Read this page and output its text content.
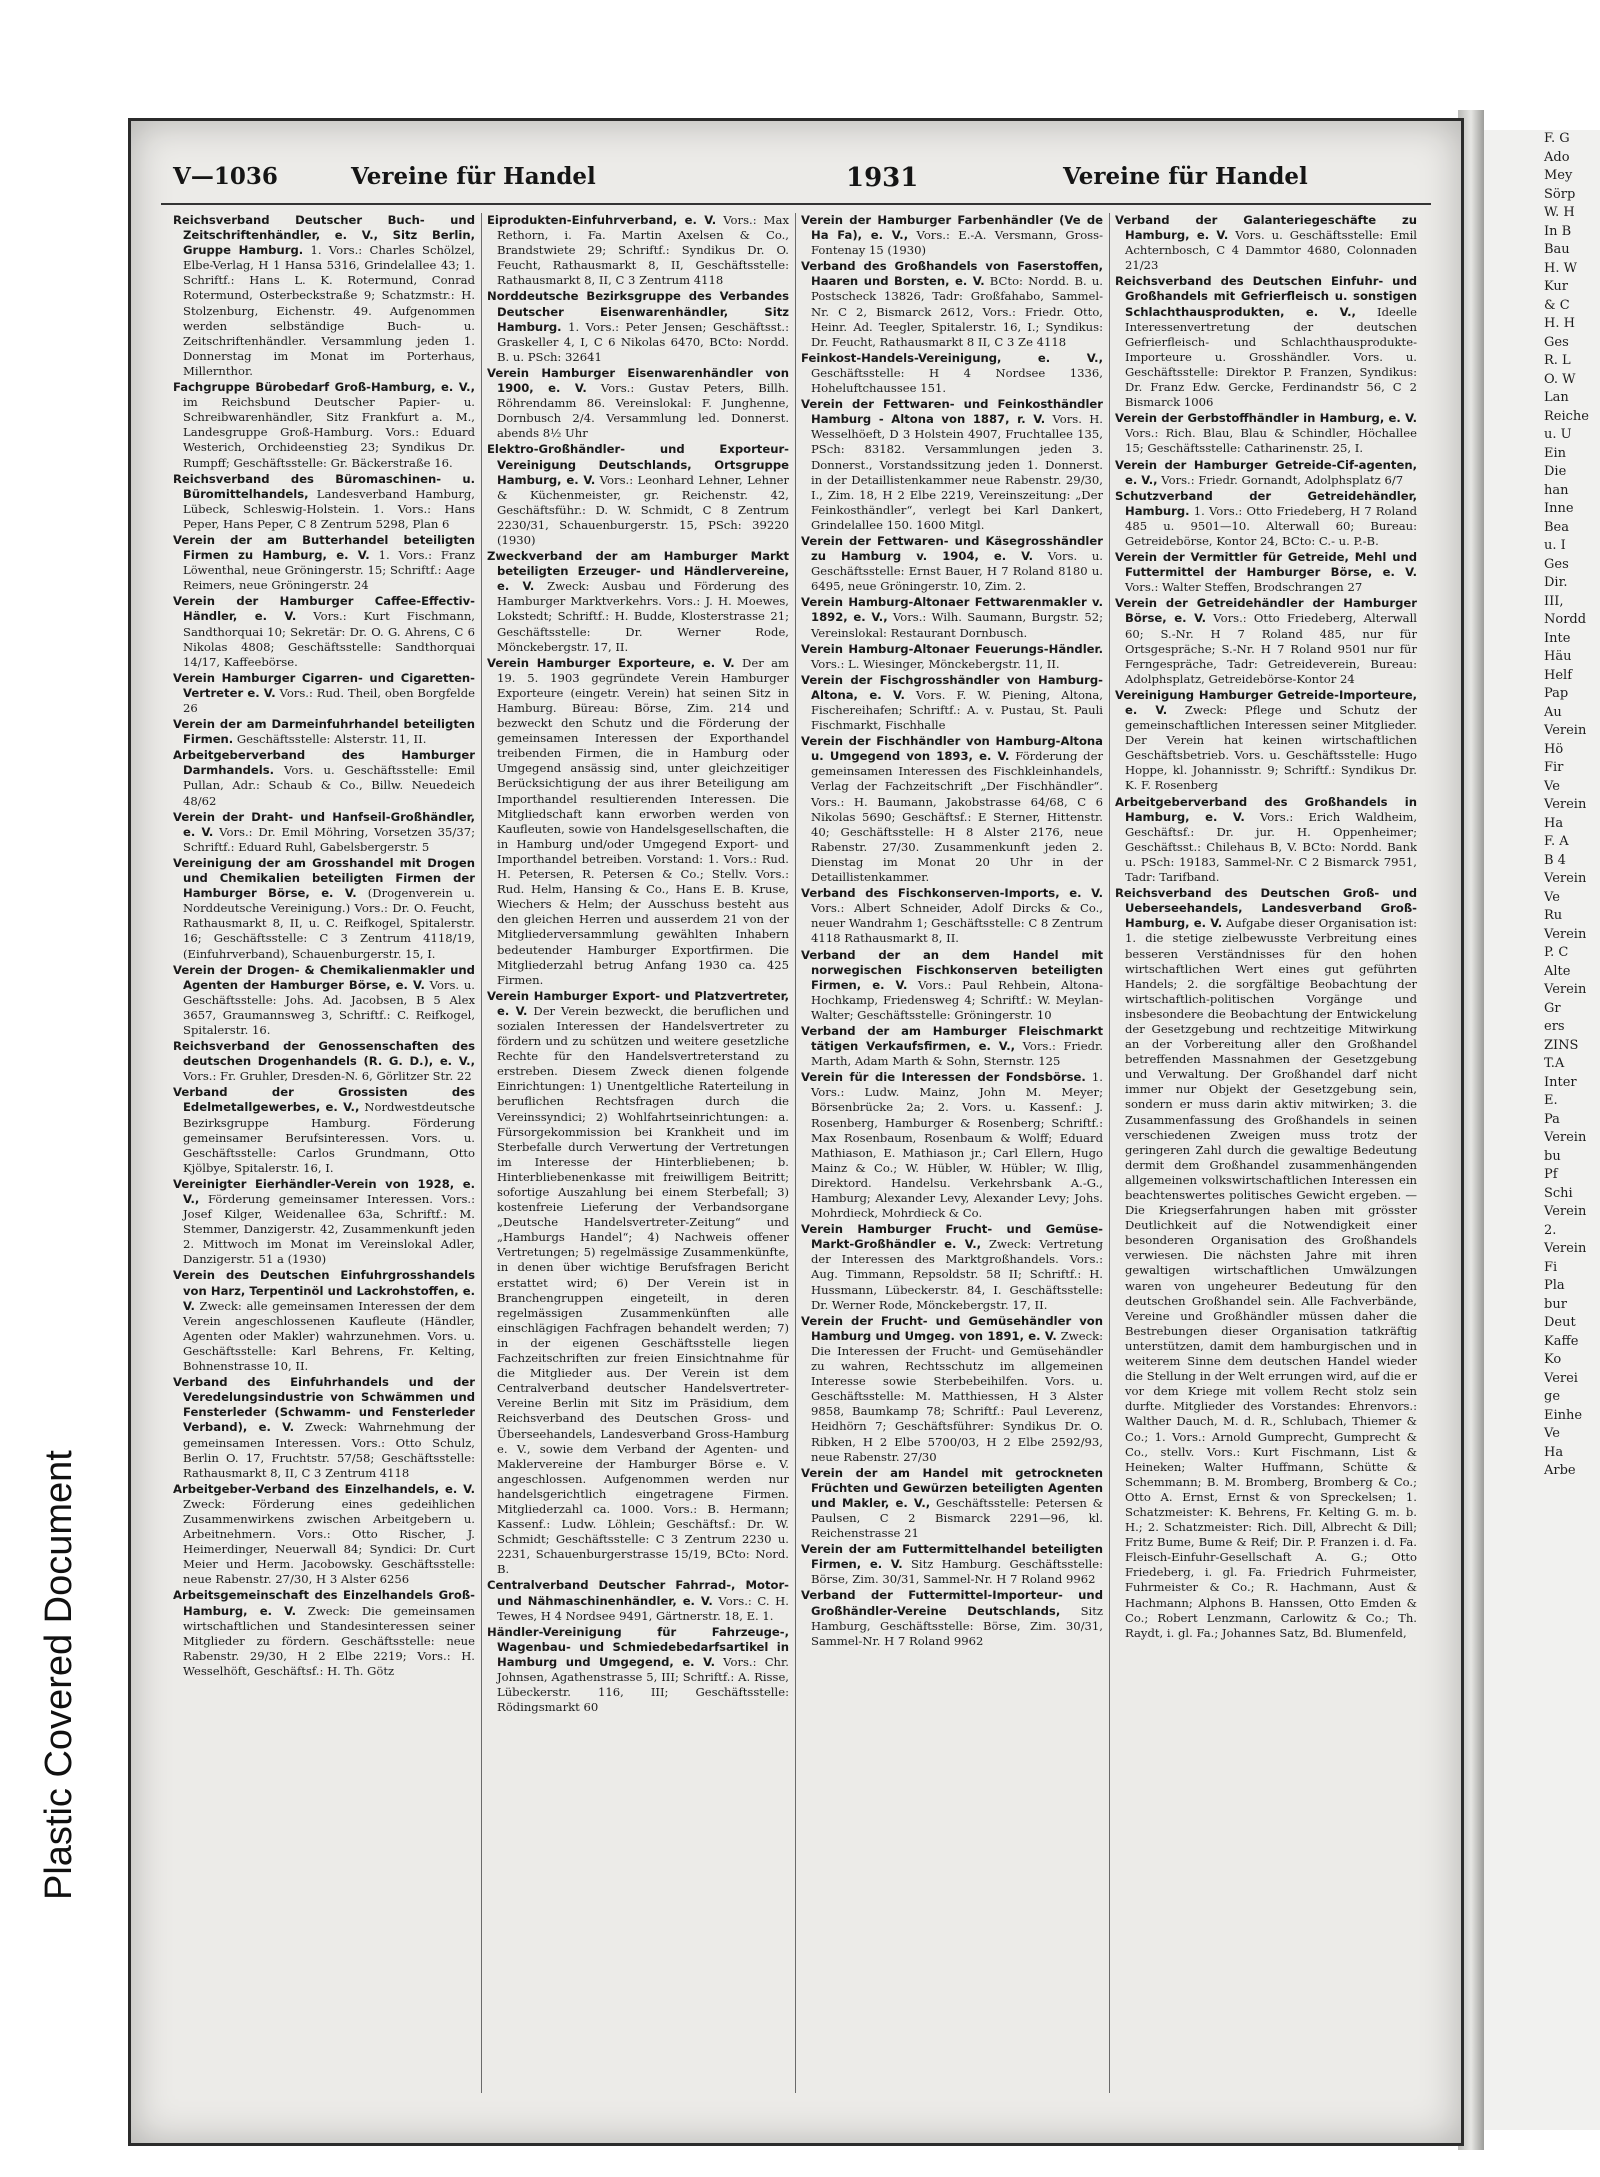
Plastic Covered Document
F. G
Ado
Mey
Sörp
W. H
In B
Bau
H. W
Kur
& C
H. H
Ges
R. L
O. W
Lan
Reiche
u. U
Ein
Die
han
Inne
Bea
u. I
Ges
Dir.
III,
Nordd
Inte
Häu
Helf
Pap
Au
Verein
Hö
Fir
Ve
Verein
Ha
F. A
B 4
Verein
Ve
Ru
Verein
P. C
Alte
Verein
Gr
ers
ZINS
T.A
Inter
E.
Pa
Verein
bu
Pf
Schi
Verein
2.
Verein
Fi
Pla
bur
Deut
Kaffe
Ko
Verei
ge
Einhe
Ve
Ha
Arbe
V—1036	Vereine für Handel	1931	Vereine für Handel

Reichsverband Deutscher Buch- und Zeitschriftenhändler, e. V., Sitz Berlin, Gruppe Hamburg. 1. Vors.: Charles Schölzel, Elbe-Verlag, H 1 Hansa 5316, Grindelallee 43; 1. Schriftf.: Hans L. K. Rotermund, Conrad Rotermund, Osterbeckstraße 9; Schatzmstr.: H. Stolzenburg, Eichenstr. 49. Aufgenommen werden selbständige Buch- u. Zeitschriftenhändler. Versammlung jeden 1. Donnerstag im Monat im Porterhaus, Millernthor.

Fachgruppe Bürobedarf Groß-Hamburg, e. V., im Reichsbund Deutscher Papier- u. Schreibwarenhändler, Sitz Frankfurt a. M., Landesgruppe Groß-Hamburg. Vors.: Eduard Westerich, Orchideenstieg 23; Syndikus Dr. Rumpff; Geschäftsstelle: Gr. Bäckerstraße 16.

Reichsverband des Büromaschinen- u. Büromittelhandels, Landesverband Hamburg, Lübeck, Schleswig-Holstein. 1. Vors.: Hans Peper, Hans Peper, C 8 Zentrum 5298, Plan 6

Verein der am Butterhandel beteiligten Firmen zu Hamburg, e. V. 1. Vors.: Franz Löwenthal, neue Gröningerstr. 15; Schriftf.: Aage Reimers, neue Gröningerstr. 24

Verein der Hamburger Caffee-Effectiv-Händler, e. V. Vors.: Kurt Fischmann, Sandthorquai 10; Sekretär: Dr. O. G. Ahrens, C 6 Nikolas 4808; Geschäftsstelle: Sandthorquai 14/17, Kaffeebörse.

Verein Hamburger Cigarren- und Cigaretten-Vertreter e. V. Vors.: Rud. Theil, oben Borgfelde 26

Verein der am Darmeinfuhrhandel beteiligten Firmen. Geschäftsstelle: Alsterstr. 11, II.

Arbeitgeberverband des Hamburger Darmhandels. Vors. u. Geschäftsstelle: Emil Pullan, Adr.: Schaub & Co., Billw. Neuedeich 48/62

Verein der Draht- und Hanfseil-Großhändler, e. V. Vors.: Dr. Emil Möhring, Vorsetzen 35/37; Schriftf.: Eduard Ruhl, Gabelsbergerstr. 5

Vereinigung der am Grosshandel mit Drogen und Chemikalien beteiligten Firmen der Hamburger Börse, e. V. (Drogenverein u. Norddeutsche Vereinigung.) Vors.: Dr. O. Feucht, Rathausmarkt 8, II, u. C. Reifkogel, Spitalerstr. 16; Geschäftsstelle: C 3 Zentrum 4118/19, (Einfuhrverband), Schauenburgerstr. 15, I.

Verein der Drogen- & Chemikalienmakler und Agenten der Hamburger Börse, e. V. Vors. u. Geschäftsstelle: Johs. Ad. Jacobsen, B 5 Alex 3657, Graumannsweg 3, Schriftf.: C. Reifkogel, Spitalerstr. 16.

Reichsverband der Genossenschaften des deutschen Drogenhandels (R. G. D.), e. V., Vors.: Fr. Gruhler, Dresden-N. 6, Görlitzer Str. 22

Verband der Grossisten des Edelmetallgewerbes, e. V., Nordwestdeutsche Bezirksgruppe Hamburg. Förderung gemeinsamer Berufsinteressen. Vors. u. Geschäftsstelle: Carlos Grundmann, Otto Kjölbye, Spitalerstr. 16, I.

Vereinigter Eierhändler-Verein von 1928, e. V., Förderung gemeinsamer Interessen. Vors.: Josef Kilger, Weidenallee 63a, Schriftf.: M. Stemmer, Danzigerstr. 42, Zusammenkunft jeden 2. Mittwoch im Monat im Vereinslokal Adler, Danzigerstr. 51 a (1930)

Verein des Deutschen Einfuhrgrosshandels von Harz, Terpentinöl und Lackrohstoffen, e. V. Zweck: alle gemeinsamen Interessen der dem Verein angeschlossenen Kaufleute (Händler, Agenten oder Makler) wahrzunehmen. Vors. u. Geschäftsstelle: Karl Behrens, Fr. Kelting, Bohnenstrasse 10, II.

Verband des Einfuhrhandels und der Veredelungsindustrie von Schwämmen und Fensterleder (Schwamm- und Fensterleder Verband), e. V. Zweck: Wahrnehmung der gemeinsamen Interessen. Vors.: Otto Schulz, Berlin O. 17, Fruchtstr. 57/58; Geschäftsstelle: Rathausmarkt 8, II, C 3 Zentrum 4118

Arbeitgeber-Verband des Einzelhandels, e. V. Zweck: Förderung eines gedeihlichen Zusammenwirkens zwischen Arbeitgebern u. Arbeitnehmern. Vors.: Otto Rischer, J. Heimerdinger, Neuerwall 84; Syndici: Dr. Curt Meier und Herm. Jacobowsky. Geschäftsstelle: neue Rabenstr. 27/30, H 3 Alster 6256

Arbeitsgemeinschaft des Einzelhandels Groß-Hamburg, e. V. Zweck: Die gemeinsamen wirtschaftlichen und Standesinteressen seiner Mitglieder zu fördern. Geschäftsstelle: neue Rabenstr. 29/30, H 2 Elbe 2219; Vors.: H. Wesselhöft, Geschäftsf.: H. Th. Götz

Eiprodukten-Einfuhrverband, e. V. Vors.: Max Rethorn, i. Fa. Martin Axelsen & Co., Brandstwiete 29; Schriftf.: Syndikus Dr. O. Feucht, Rathausmarkt 8, II, Geschäftsstelle: Rathausmarkt 8, II, C 3 Zentrum 4118

Norddeutsche Bezirksgruppe des Verbandes Deutscher Eisenwarenhändler, Sitz Hamburg. 1. Vors.: Peter Jensen; Geschäftsst.: Graskeller 4, I, C 6 Nikolas 6470, BCto: Nordd. B. u. PSch: 32641

Verein Hamburger Eisenwarenhändler von 1900, e. V. Vors.: Gustav Peters, Billh. Röhrendamm 86. Vereinslokal: F. Junghenne, Dornbusch 2/4. Versammlung led. Donnerst. abends 8½ Uhr

Elektro-Großhändler- und Exporteur-Vereinigung Deutschlands, Ortsgruppe Hamburg, e. V. Vors.: Leonhard Lehner, Lehner & Küchenmeister, gr. Reichenstr. 42, Geschäftsführ.: D. W. Schmidt, C 8 Zentrum 2230/31, Schauenburgerstr. 15, PSch: 39220 (1930)

Zweckverband der am Hamburger Markt beteiligten Erzeuger- und Händlervereine, e. V. Zweck: Ausbau und Förderung des Hamburger Marktverkehrs. Vors.: J. H. Moewes, Lokstedt; Schriftf.: H. Budde, Klosterstrasse 21; Geschäftsstelle: Dr. Werner Rode, Mönckebergstr. 17, II.

Verein Hamburger Exporteure, e. V. Der am 19. 5. 1903 gegründete Verein Hamburger Exporteure (eingetr. Verein) hat seinen Sitz in Hamburg. Büreau: Börse, Zim. 214 und bezweckt den Schutz und die Förderung der gemeinsamen Interessen der Exporthandel treibenden Firmen, die in Hamburg oder Umgegend ansässig sind, unter gleichzeitiger Berücksichtigung der aus ihrer Beteiligung am Importhandel resultierenden Interessen. Die Mitgliedschaft kann erworben werden von Kaufleuten, sowie von Handelsgesellschaften, die in Hamburg und/oder Umgegend Export- und Importhandel betreiben. Vorstand: 1. Vors.: Rud. H. Petersen, R. Petersen & Co.; Stellv. Vors.: Rud. Helm, Hansing & Co., Hans E. B. Kruse, Wiechers & Helm; der Ausschuss besteht aus den gleichen Herren und ausserdem 21 von der Mitgliederversammlung gewählten Inhabern bedeutender Hamburger Exportfirmen. Die Mitgliederzahl betrug Anfang 1930 ca. 425 Firmen.

Verein Hamburger Export- und Platzvertreter, e. V. Der Verein bezweckt, die beruflichen und sozialen Interessen der Handelsvertreter zu fördern und zu schützen und weitere gesetzliche Rechte für den Handelsvertreterstand zu erstreben. Diesem Zweck dienen folgende Einrichtungen: 1) Unentgeltliche Raterteilung in beruflichen Rechtsfragen durch die Vereinssyndici; 2) Wohlfahrtseinrichtungen: a. Fürsorgekommission bei Krankheit und im Sterbefalle durch Verwertung der Vertretungen im Interesse der Hinterbliebenen; b. Hinterbliebenenkasse mit freiwilligem Beitritt; sofortige Auszahlung bei einem Sterbefall; 3) kostenfreie Lieferung der Verbandsorgane „Deutsche Handelsvertreter-Zeitung“ und „Hamburgs Handel“; 4) Nachweis offener Vertretungen; 5) regelmässige Zusammenkünfte, in denen über wichtige Berufsfragen Bericht erstattet wird; 6) Der Verein ist in Branchengruppen eingeteilt, in deren regelmässigen Zusammenkünften alle einschlägigen Fachfragen behandelt werden; 7) in der eigenen Geschäftsstelle liegen Fachzeitschriften zur freien Einsichtnahme für die Mitglieder aus. Der Verein ist dem Centralverband deutscher Handelsvertreter-Vereine Berlin mit Sitz im Präsidium, dem Reichsverband des Deutschen Gross- und Überseehandels, Landesverband Gross-Hamburg e. V., sowie dem Verband der Agenten- und Maklervereine der Hamburger Börse e. V. angeschlossen. Aufgenommen werden nur handelsgerichtlich eingetragene Firmen. Mitgliederzahl ca. 1000. Vors.: B. Hermann; Kassenf.: Ludw. Löhlein; Geschäftsf.: Dr. W. Schmidt; Geschäftsstelle: C 3 Zentrum 2230 u. 2231, Schauenburgerstrasse 15/19, BCto: Nord. B.

Centralverband Deutscher Fahrrad-, Motor- und Nähmaschinenhändler, e. V. Vors.: C. H. Tewes, H 4 Nordsee 9491, Gärtnerstr. 18, E. 1.

Händler-Vereinigung für Fahrzeuge-, Wagenbau- und Schmiedebedarfsartikel in Hamburg und Umgegend, e. V. Vors.: Chr. Johnsen, Agathenstrasse 5, III; Schriftf.: A. Risse, Lübeckerstr. 116, III; Geschäftsstelle: Rödingsmarkt 60

Verein der Hamburger Farbenhändler (Ve de Ha Fa), e. V., Vors.: E.-A. Versmann, Gross-Fontenay 15 (1930)

Verband des Großhandels von Faserstoffen, Haaren und Borsten, e. V. BCto: Nordd. B. u. Postscheck 13826, Tadr: Großfahabo, Sammel-Nr. C 2, Bismarck 2612, Vors.: Friedr. Otto, Heinr. Ad. Teegler, Spitalerstr. 16, I.; Syndikus: Dr. Feucht, Rathausmarkt 8 II, C 3 Ze 4118

Feinkost-Handels-Vereinigung, e. V., Geschäftsstelle: H 4 Nordsee 1336, Hoheluftchaussee 151.

Verein der Fettwaren- und Feinkosthändler Hamburg - Altona von 1887, r. V. Vors. H. Wesselhöeft, D 3 Holstein 4907, Fruchtallee 135, PSch: 83182. Versammlungen jeden 3. Donnerst., Vorstandssitzung jeden 1. Donnerst. in der Detaillistenkammer neue Rabenstr. 29/30, I., Zim. 18, H 2 Elbe 2219, Vereinszeitung: „Der Feinkosthändler“, verlegt bei Karl Dankert, Grindelallee 150. 1600 Mitgl.

Verein der Fettwaren- und Käsegrosshändler zu Hamburg v. 1904, e. V. Vors. u. Geschäftsstelle: Ernst Bauer, H 7 Roland 8180 u. 6495, neue Gröningerstr. 10, Zim. 2.

Verein Hamburg-Altonaer Fettwarenmakler v. 1892, e. V., Vors.: Wilh. Saumann, Burgstr. 52; Vereinslokal: Restaurant Dornbusch.

Verein Hamburg-Altonaer Feuerungs-Händler. Vors.: L. Wiesinger, Mönckebergstr. 11, II.

Verein der Fischgrosshändler von Hamburg-Altona, e. V. Vors. F. W. Piening, Altona, Fischereihafen; Schriftf.: A. v. Pustau, St. Pauli Fischmarkt, Fischhalle

Verein der Fischhändler von Hamburg-Altona u. Umgegend von 1893, e. V. Förderung der gemeinsamen Interessen des Fischkleinhandels, Verlag der Fachzeitschrift „Der Fischhändler“. Vors.: H. Baumann, Jakobstrasse 64/68, C 6 Nikolas 5690; Geschäftsf.: E Sterner, Hittenstr. 40; Geschäftsstelle: H 8 Alster 2176, neue Rabenstr. 27/30. Zusammenkunft jeden 2. Dienstag im Monat 20 Uhr in der Detaillistenkammer.

Verband des Fischkonserven-Imports, e. V. Vors.: Albert Schneider, Adolf Dircks & Co., neuer Wandrahm 1; Geschäftsstelle: C 8 Zentrum 4118 Rathausmarkt 8, II.

Verband der an dem Handel mit norwegischen Fischkonserven beteiligten Firmen, e. V. Vors.: Paul Rehbein, Altona-Hochkamp, Friedensweg 4; Schriftf.: W. Meylan-Walter; Geschäftsstelle: Gröningerstr. 10

Verband der am Hamburger Fleischmarkt tätigen Verkaufsfirmen, e. V., Vors.: Friedr. Marth, Adam Marth & Sohn, Sternstr. 125

Verein für die Interessen der Fondsbörse. 1. Vors.: Ludw. Mainz, John M. Meyer; Börsenbrücke 2a; 2. Vors. u. Kassenf.: J. Rosenberg, Hamburger & Rosenberg; Schriftf.: Max Rosenbaum, Rosenbaum & Wolff; Eduard Mathiason, E. Mathiason jr.; Carl Ellern, Hugo Mainz & Co.; W. Hübler, W. Hübler; W. Illig, Direktord. Handelsu. Verkehrsbank A.-G., Hamburg; Alexander Levy, Alexander Levy; Johs. Mohrdieck, Mohrdieck & Co.

Verein Hamburger Frucht- und Gemüse-Markt-Großhändler e. V., Zweck: Vertretung der Interessen des Marktgroßhandels. Vors.: Aug. Timmann, Repsoldstr. 58 II; Schriftf.: H. Hussmann, Lübeckerstr. 84, I. Geschäftsstelle: Dr. Werner Rode, Mönckebergstr. 17, II.

Verein der Frucht- und Gemüsehändler von Hamburg und Umgeg. von 1891, e. V. Zweck: Die Interessen der Frucht- und Gemüsehändler zu wahren, Rechtsschutz im allgemeinen Interesse sowie Sterbebeihilfen. Vors. u. Geschäftsstelle: M. Matthiessen, H 3 Alster 9858, Baumkamp 78; Schriftf.: Paul Leverenz, Heidhörn 7; Geschäftsführer: Syndikus Dr. O. Ribken, H 2 Elbe 5700/03, H 2 Elbe 2592/93, neue Rabenstr. 27/30

Verein der am Handel mit getrockneten Früchten und Gewürzen beteiligten Agenten und Makler, e. V., Geschäftsstelle: Petersen & Paulsen, C 2 Bismarck 2291—96, kl. Reichenstrasse 21

Verein der am Futtermittelhandel beteiligten Firmen, e. V. Sitz Hamburg. Geschäftsstelle: Börse, Zim. 30/31, Sammel-Nr. H 7 Roland 9962

Verband der Futtermittel-Importeur- und Großhändler-Vereine Deutschlands, Sitz Hamburg, Geschäftsstelle: Börse, Zim. 30/31, Sammel-Nr. H 7 Roland 9962

Verband der Galanteriegeschäfte zu Hamburg, e. V. Vors. u. Geschäftsstelle: Emil Achternbosch, C 4 Dammtor 4680, Colonnaden 21/23

Reichsverband des Deutschen Einfuhr- und Großhandels mit Gefrierfleisch u. sonstigen Schlachthausprodukten, e. V., Ideelle Interessenvertretung der deutschen Gefrierfleisch- und Schlachthausprodukte-Importeure u. Grosshändler. Vors. u. Geschäftsstelle: Direktor P. Franzen, Syndikus: Dr. Franz Edw. Gercke, Ferdinandstr 56, C 2 Bismarck 1006

Verein der Gerbstoffhändler in Hamburg, e. V. Vors.: Rich. Blau, Blau & Schindler, Höchallee 15; Geschäftsstelle: Catharinenstr. 25, I.

Verein der Hamburger Getreide-Cif-agenten, e. V., Vors.: Friedr. Gornandt, Adolphsplatz 6/7

Schutzverband der Getreidehändler, Hamburg. 1. Vors.: Otto Friedeberg, H 7 Roland 485 u. 9501—10. Alterwall 60; Bureau: Getreidebörse, Kontor 24, BCto: C.- u. P.-B.

Verein der Vermittler für Getreide, Mehl und Futtermittel der Hamburger Börse, e. V. Vors.: Walter Steffen, Brodschrangen 27

Verein der Getreidehändler der Hamburger Börse, e. V. Vors.: Otto Friedeberg, Alterwall 60; S.-Nr. H 7 Roland 485, nur für Ortsgespräche; S.-Nr. H 7 Roland 9501 nur für Ferngespräche, Tadr: Getreideverein, Bureau: Adolphsplatz, Getreidebörse-Kontor 24

Vereinigung Hamburger Getreide-Importeure, e. V. Zweck: Pflege und Schutz der gemeinschaftlichen Interessen seiner Mitglieder. Der Verein hat keinen wirtschaftlichen Geschäftsbetrieb. Vors. u. Geschäftsstelle: Hugo Hoppe, kl. Johannisstr. 9; Schriftf.: Syndikus Dr. K. F. Rosenberg

Arbeitgeberverband des Großhandels in Hamburg, e. V. Vors.: Erich Waldheim, Geschäftsf.: Dr. jur. H. Oppenheimer; Geschäftsst.: Chilehaus B, V. BCto: Nordd. Bank u. PSch: 19183, Sammel-Nr. C 2 Bismarck 7951, Tadr: Tarifband.

Reichsverband des Deutschen Groß- und Ueberseehandels, Landesverband Groß-Hamburg, e. V. Aufgabe dieser Organisation ist: 1. die stetige zielbewusste Verbreitung eines besseren Verständnisses für den hohen wirtschaftlichen Wert eines gut geführten Handels; 2. die sorgfältige Beobachtung der wirtschaftlich-politischen Vorgänge und insbesondere die Beobachtung der Entwickelung der Gesetzgebung und rechtzeitige Mitwirkung an der Vorbereitung aller den Großhandel betreffenden Massnahmen der Gesetzgebung und Verwaltung. Der Großhandel darf nicht immer nur Objekt der Gesetzgebung sein, sondern er muss darin aktiv mitwirken; 3. die Zusammenfassung des Großhandels in seinen verschiedenen Zweigen muss trotz der geringeren Zahl durch die gewaltige Bedeutung dermit dem Großhandel zusammenhängenden allgemeinen volkswirtschaftlichen Interessen ein beachtenswertes politisches Gewicht ergeben. — Die Kriegserfahrungen haben mit grösster Deutlichkeit auf die Notwendigkeit einer besonderen Organisation des Großhandels verwiesen. Die nächsten Jahre mit ihren gewaltigen wirtschaftlichen Umwälzungen waren von ungeheurer Bedeutung für den deutschen Großhandel sein. Alle Fachverbände, Vereine und Großhändler müssen daher die Bestrebungen dieser Organisation tatkräftig unterstützen, damit dem hamburgischen und in weiterem Sinne dem deutschen Handel wieder die Stellung in der Welt errungen wird, auf die er vor dem Kriege mit vollem Recht stolz sein durfte. Mitglieder des Vorstandes: Ehrenvors.: Walther Dauch, M. d. R., Schlubach, Thiemer & Co.; 1. Vors.: Arnold Gumprecht, Gumprecht & Co., stellv. Vors.: Kurt Fischmann, List & Heineken; Walter Huffmann, Schütte & Schemmann; B. M. Bromberg, Bromberg & Co.; Otto A. Ernst, Ernst & von Spreckelsen; 1. Schatzmeister: K. Behrens, Fr. Kelting G. m. b. H.; 2. Schatzmeister: Rich. Dill, Albrecht & Dill; Fritz Bume, Bume & Reif; Dir. P. Franzen i. d. Fa. Fleisch-Einfuhr-Gesellschaft A. G.; Otto Friedeberg, i. gl. Fa. Friedrich Fuhrmeister, Fuhrmeister & Co.; R. Hachmann, Aust & Hachmann; Alphons B. Hanssen, Otto Emden & Co.; Robert Lenzmann, Carlowitz & Co.; Th. Raydt, i. gl. Fa.; Johannes Satz, Bd. Blumenfeld,
